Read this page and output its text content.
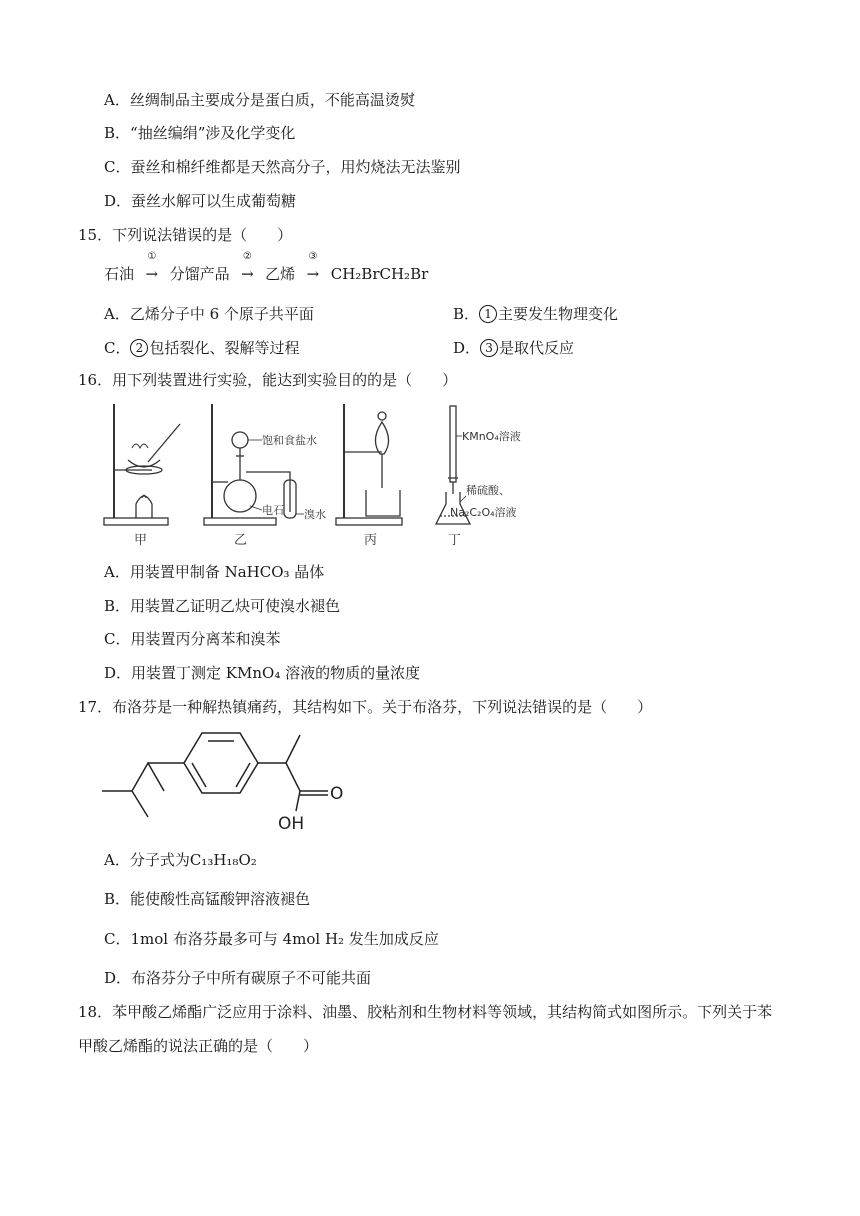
A．丝绸制品主要成分是蛋白质，不能高温烫熨
B．“抽丝编绢”涉及化学变化
C．蚕丝和棉纤维都是天然高分子，用灼烧法无法鉴别
D．蚕丝水解可以生成葡萄糖
15．下列说法错误的是（　　）
石油
①
→ 分馏产品
②
→ 乙烯
③
→ CH₂BrCH₂Br
A．乙烯分子中 6 个原子共平面	B． 1 主要发生物理变化
C． 2 包括裂化、裂解等过程	D． 3 是取代反应
16．用下列装置进行实验，能达到实验目的的是（　　）
饱和食盐水
电石 溴水
KMnO₄溶液
稀硫酸、
Na₂C₂O₄溶液
甲	乙	丙	丁
A．用装置甲制备 NaHCO₃ 晶体
B．用装置乙证明乙炔可使溴水褪色
C．用装置丙分离苯和溴苯
D．用装置丁测定 KMnO₄ 溶液的物质的量浓度
17．布洛芬是一种解热镇痛药，其结构如下。关于布洛芬，下列说法错误的是（　　）
O
OH
A．分子式为C₁₃H₁₈O₂
B．能使酸性高锰酸钾溶液褪色
C．1mol 布洛芬最多可与 4mol H₂ 发生加成反应
D．布洛芬分子中所有碳原子不可能共面
18．苯甲酸乙烯酯广泛应用于涂料、油墨、胶粘剂和生物材料等领域，其结构简式如图所示。下列关于苯
甲酸乙烯酯的说法正确的是（　　）
